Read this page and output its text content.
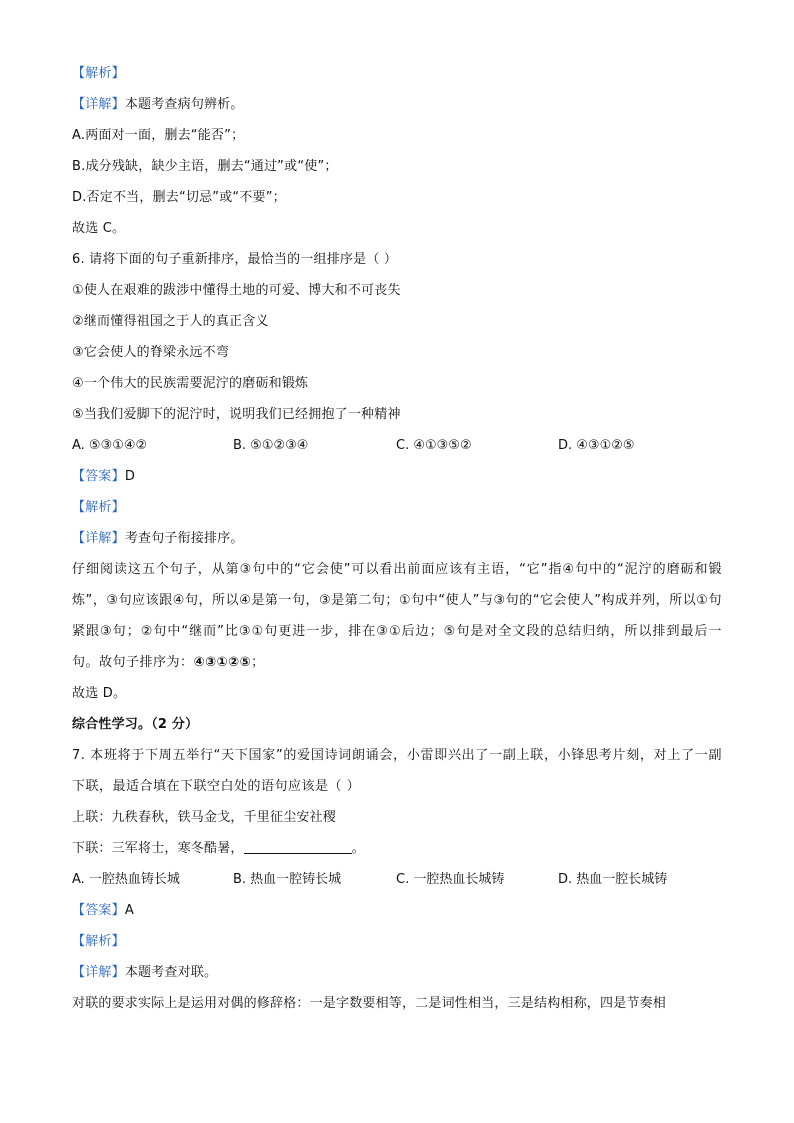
【解析】
【详解】本题考查病句辨析。
A.两面对一面，删去“能否”；
B.成分残缺，缺少主语，删去“通过”或“使”；
D.否定不当，删去“切忌”或“不要”；
故选 C。
6. 请将下面的句子重新排序，最恰当的一组排序是（ ）
①使人在艰难的跋涉中懂得土地的可爱、博大和不可丧失
②继而懂得祖国之于人的真正含义
③它会使人的脊梁永远不弯
④一个伟大的民族需要泥泞的磨砺和锻炼
⑤当我们爱脚下的泥泞时，说明我们已经拥抱了一种精神
A. ⑤③①④②	B. ⑤①②③④	C. ④①③⑤②	D. ④③①②⑤
【答案】D
【解析】
【详解】考查句子衔接排序。
仔细阅读这五个句子，从第③句中的“它会使”可以看出前面应该有主语，“它”指④句中的“泥泞的磨砺和锻炼”，③句应该跟④句，所以④是第一句，③是第二句；①句中“使人”与③句的“它会使人”构成并列，所以①句紧跟③句；②句中“继而”比③①句更进一步，排在③①后边；⑤句是对全文段的总结归纳，所以排到最后一句。故句子排序为：④③①②⑤；
故选 D。
综合性学习。（2 分）
7. 本班将于下周五举行“天下国家”的爱国诗词朗诵会，小雷即兴出了一副上联，小锋思考片刻，对上了一副下联，最适合填在下联空白处的语句应该是（ ）
上联：九秩春秋，铁马金戈，千里征尘安社稷
下联：三军将士，寒冬酷暑，	。
A. 一腔热血铸长城	B. 热血一腔铸长城	C. 一腔热血长城铸	D. 热血一腔长城铸
【答案】A
【解析】
【详解】本题考查对联。
对联的要求实际上是运用对偶的修辞格：一是字数要相等，二是词性相当，三是结构相称，四是节奏相
